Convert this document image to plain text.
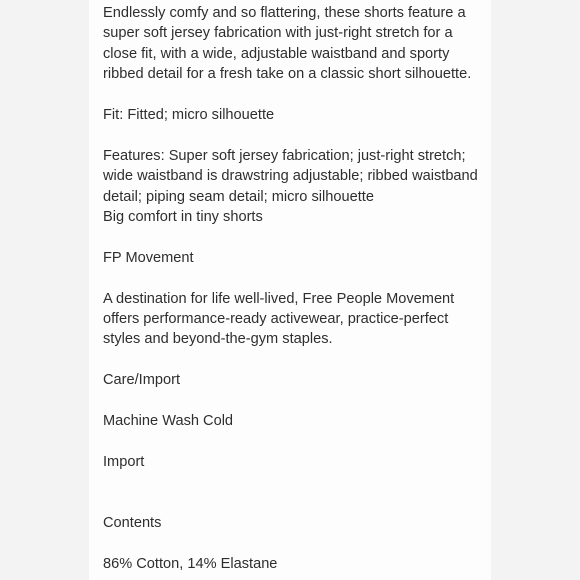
Endlessly comfy and so flattering, these shorts feature a

super soft jersey fabrication with just-right stretch for a

close fit, with a wide, adjustable waistband and sporty

ribbed detail for a fresh take on a classic short silhouette.

Fit: Fitted; micro silhouette

Features: Super soft jersey fabrication; just-right stretch;

wide waistband is drawstring adjustable; ribbed waistband

detail; piping seam detail; micro silhouette

Big comfort in tiny shorts

FP Movement

A destination for life well-lived, Free People Movement

offers performance-ready activewear, practice-perfect

styles and beyond-the-gym staples.

Care/Import

Machine Wash Cold

Import

Contents

86% Cotton, 14% Elastane
